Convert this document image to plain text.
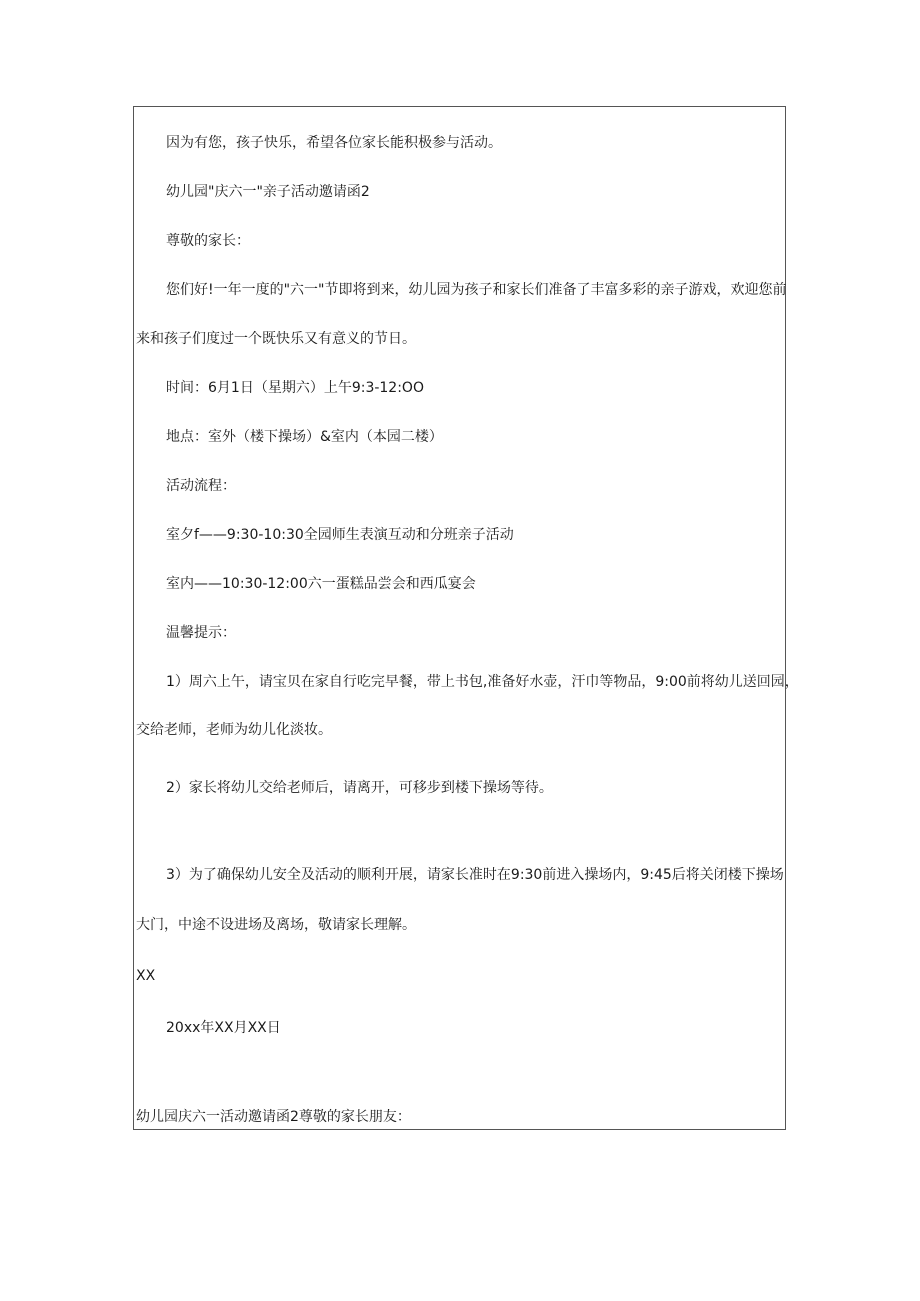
因为有您，孩子快乐，希望各位家长能积极参与活动。
幼儿园"庆六一"亲子活动邀请函2
尊敬的家长：
您们好!一年一度的"六一"节即将到来，幼儿园为孩子和家长们准备了丰富多彩的亲子游戏，欢迎您前
来和孩子们度过一个既快乐又有意义的节日。
时间：6月1日（星期六）上午9:3-12:OO
地点：室外（楼下操场）&室内（本园二楼）
活动流程：
室夕f——9:30-10:30全园师生表演互动和分班亲子活动
室内——10:30-12:00六一蛋糕品尝会和西瓜宴会
温馨提示：
1）周六上午，请宝贝在家自行吃完早餐，带上书包,准备好水壶，汗巾等物品，9:00前将幼儿送回园，
交给老师，老师为幼儿化淡妆。
2）家长将幼儿交给老师后，请离开，可移步到楼下操场等待。
3）为了确保幼儿安全及活动的顺利开展，请家长准时在9:30前进入操场内，9:45后将关闭楼下操场
大门，中途不设进场及离场，敬请家长理解。
XX
20xx年XX月XX日
幼儿园庆六一活动邀请函2尊敬的家长朋友：
